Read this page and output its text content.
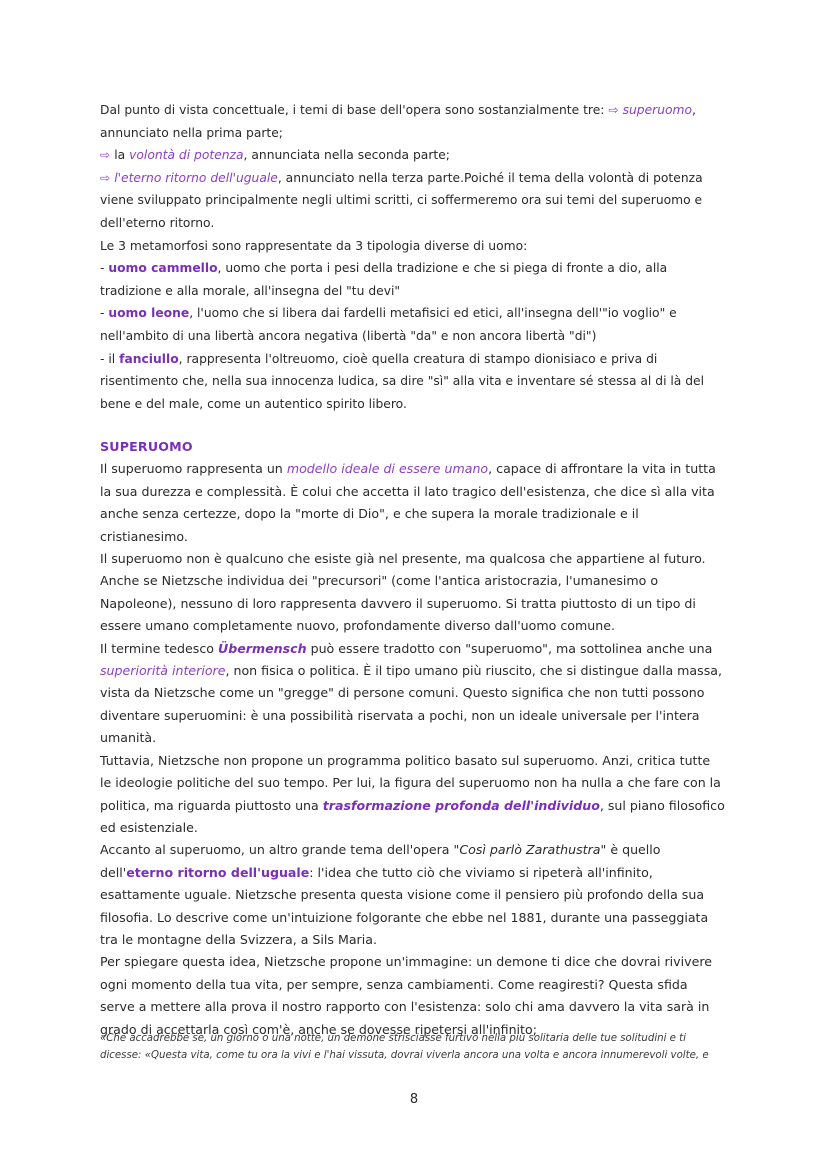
Dal punto di vista concettuale, i temi di base dell'opera sono sostanzialmente tre: ⇨ superuomo,
annunciato nella prima parte;
⇨ la volontà di potenza, annunciata nella seconda parte;
⇨ l'eterno ritorno dell'uguale, annunciato nella terza parte.Poiché il tema della volontà di potenza viene sviluppato principalmente negli ultimi scritti, ci soffermeremo ora sui temi del superuomo e dell'eterno ritorno.

Le 3 metamorfosi sono rappresentate da 3 tipologia diverse di uomo:

- uomo cammello, uomo che porta i pesi della tradizione e che si piega di fronte a dio, alla tradizione e alla morale, all'insegna del "tu devi"

- uomo leone, l'uomo che si libera dai fardelli metafisici ed etici, all'insegna dell'"io voglio" e nell'ambito di una libertà ancora negativa (libertà "da" e non ancora libertà "di")

- il fanciullo, rappresenta l'oltreuomo, cioè quella creatura di stampo dionisiaco e priva di risentimento che, nella sua innocenza ludica, sa dire "sì" alla vita e inventare sé stessa al di là del bene e del male, come un autentico spirito libero.

SUPERUOMO

Il superuomo rappresenta un modello ideale di essere umano, capace di affrontare la vita in tutta la sua durezza e complessità. È colui che accetta il lato tragico dell'esistenza, che dice sì alla vita anche senza certezze, dopo la "morte di Dio", e che supera la morale tradizionale e il cristianesimo.

Il superuomo non è qualcuno che esiste già nel presente, ma qualcosa che appartiene al futuro. Anche se Nietzsche individua dei "precursori" (come l'antica aristocrazia, l'umanesimo o Napoleone), nessuno di loro rappresenta davvero il superuomo. Si tratta piuttosto di un tipo di essere umano completamente nuovo, profondamente diverso dall'uomo comune.

Il termine tedesco Übermensch può essere tradotto con "superuomo", ma sottolinea anche una superiorità interiore, non fisica o politica. È il tipo umano più riuscito, che si distingue dalla massa, vista da Nietzsche come un "gregge" di persone comuni. Questo significa che non tutti possono diventare superuomini: è una possibilità riservata a pochi, non un ideale universale per l'intera umanità.

Tuttavia, Nietzsche non propone un programma politico basato sul superuomo. Anzi, critica tutte le ideologie politiche del suo tempo. Per lui, la figura del superuomo non ha nulla a che fare con la politica, ma riguarda piuttosto una trasformazione profonda dell'individuo, sul piano filosofico ed esistenziale.

Accanto al superuomo, un altro grande tema dell'opera "Così parlò Zarathustra" è quello dell'eterno ritorno dell'uguale: l'idea che tutto ciò che viviamo si ripeterà all'infinito, esattamente uguale. Nietzsche presenta questa visione come il pensiero più profondo della sua filosofia. Lo descrive come un'intuizione folgorante che ebbe nel 1881, durante una passeggiata tra le montagne della Svizzera, a Sils Maria.

Per spiegare questa idea, Nietzsche propone un'immagine: un demone ti dice che dovrai rivivere ogni momento della tua vita, per sempre, senza cambiamenti. Come reagiresti? Questa sfida serve a mettere alla prova il nostro rapporto con l'esistenza: solo chi ama davvero la vita sarà in grado di accettarla così com'è, anche se dovesse ripetersi all'infinito;

«Che accadrebbe se, un giorno o una notte, un demone strisciasse furtivo nella più solitaria delle tue solitudini e ti dicesse: «Questa vita, come tu ora la vivi e l'hai vissuta, dovrai viverla ancora una volta e ancora innumerevoli volte, e

8
